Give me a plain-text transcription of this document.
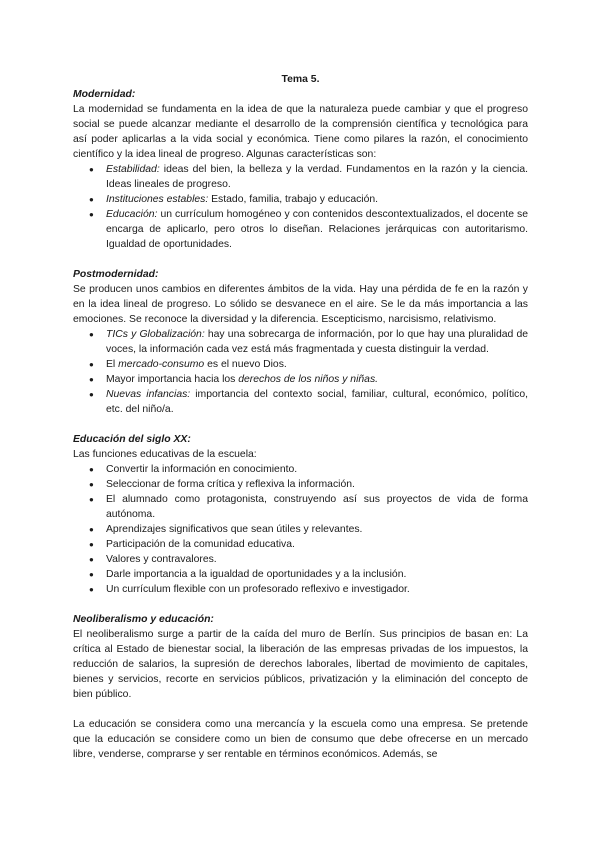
Tema 5.

Modernidad:

La modernidad se fundamenta en la idea de que la naturaleza puede cambiar y que el progreso social se puede alcanzar mediante el desarrollo de la comprensión científica y tecnológica para así poder aplicarlas a la vida social y económica. Tiene como pilares la razón, el conocimiento científico y la idea lineal de progreso. Algunas características son:

● Estabilidad: ideas del bien, la belleza y la verdad. Fundamentos en la razón y la ciencia. Ideas lineales de progreso.
● Instituciones estables: Estado, familia, trabajo y educación.
● Educación: un currículum homogéneo y con contenidos descontextualizados, el docente se encarga de aplicarlo, pero otros lo diseñan. Relaciones jerárquicas con autoritarismo. Igualdad de oportunidades.
Postmodernidad:

Se producen unos cambios en diferentes ámbitos de la vida. Hay una pérdida de fe en la razón y en la idea lineal de progreso. Lo sólido se desvanece en el aire. Se le da más importancia a las emociones. Se reconoce la diversidad y la diferencia. Escepticismo, narcisismo, relativismo.

● TICs y Globalización: hay una sobrecarga de información, por lo que hay una pluralidad de voces, la información cada vez está más fragmentada y cuesta distinguir la verdad.
● El mercado-consumo es el nuevo Dios.
● Mayor importancia hacia los derechos de los niños y niñas.
● Nuevas infancias: importancia del contexto social, familiar, cultural, económico, político, etc. del niño/a.
Educación del siglo XX:

Las funciones educativas de la escuela:

● Convertir la información en conocimiento.
● Seleccionar de forma crítica y reflexiva la información.
● El alumnado como protagonista, construyendo así sus proyectos de vida de forma autónoma.
● Aprendizajes significativos que sean útiles y relevantes.
● Participación de la comunidad educativa.
● Valores y contravalores.
● Darle importancia a la igualdad de oportunidades y a la inclusión.
● Un currículum flexible con un profesorado reflexivo e investigador.
Neoliberalismo y educación:

El neoliberalismo surge a partir de la caída del muro de Berlín. Sus principios de basan en: La crítica al Estado de bienestar social, la liberación de las empresas privadas de los impuestos, la reducción de salarios, la supresión de derechos laborales, libertad de movimiento de capitales, bienes y servicios, recorte en servicios públicos, privatización y la eliminación del concepto de bien público.

La educación se considera como una mercancía y la escuela como una empresa. Se pretende que la educación se considere como un bien de consumo que debe ofrecerse en un mercado libre, venderse, comprarse y ser rentable en términos económicos. Además, se
